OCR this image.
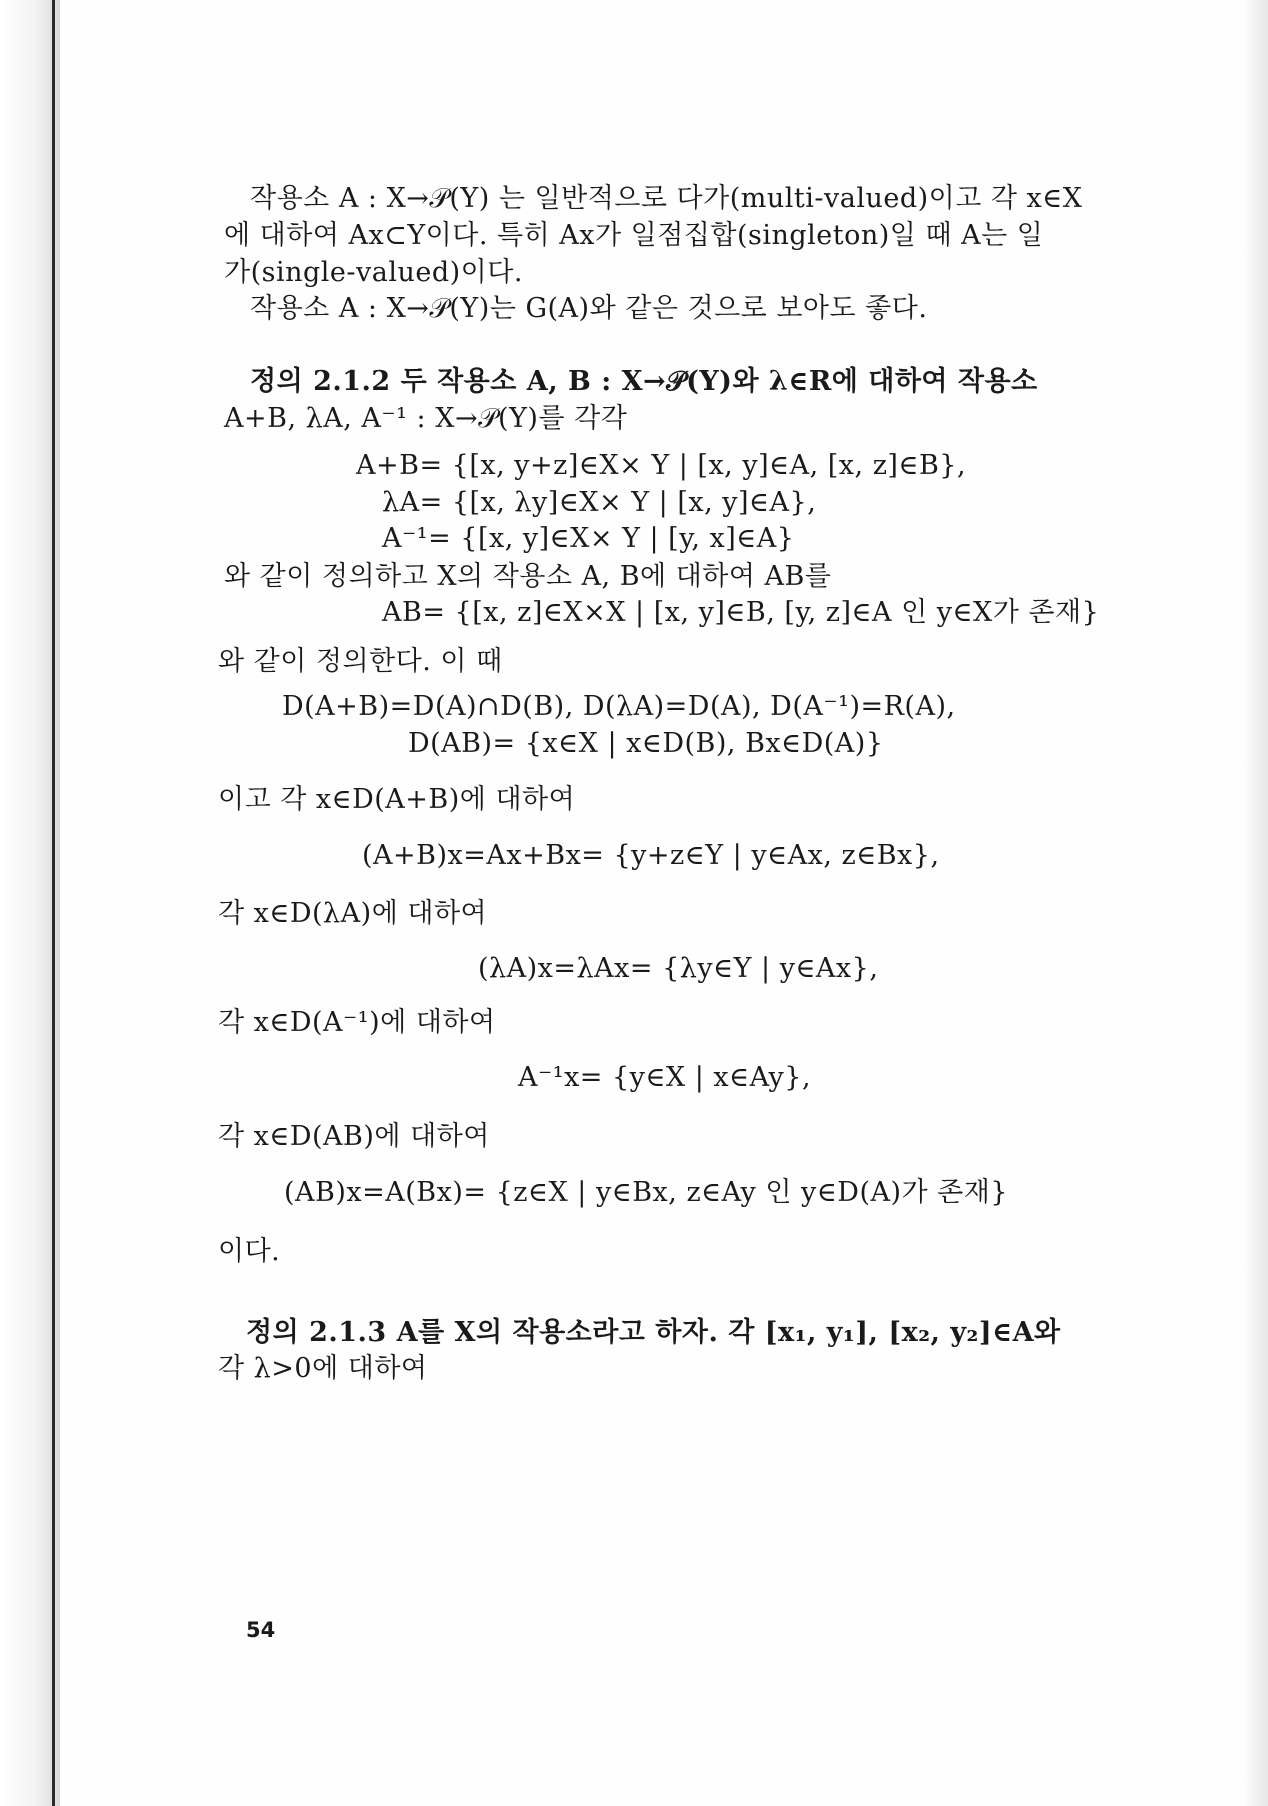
작용소 A : X→𝒫(Y) 는 일반적으로 다가(multi-valued)이고 각 x∈X
에 대하여 Ax⊂Y이다. 특히 Ax가 일점집합(singleton)일 때 A는 일
가(single-valued)이다.
작용소 A : X→𝒫(Y)는 G(A)와 같은 것으로 보아도 좋다.
정의 2.1.2 두 작용소 A, B : X→𝒫(Y)와 λ∈R에 대하여 작용소
A+B, λA, A⁻¹ : X→𝒫(Y)를 각각
A+B= {[x, y+z]∈X× Y | [x, y]∈A, [x, z]∈B},
λA= {[x, λy]∈X× Y | [x, y]∈A},
A⁻¹= {[x, y]∈X× Y | [y, x]∈A}
와 같이 정의하고 X의 작용소 A, B에 대하여 AB를
AB= {[x, z]∈X×X | [x, y]∈B, [y, z]∈A 인 y∈X가 존재}
와 같이 정의한다. 이 때
D(A+B)=D(A)∩D(B), D(λA)=D(A), D(A⁻¹)=R(A),
D(AB)= {x∈X | x∈D(B), Bx∈D(A)}
이고 각 x∈D(A+B)에 대하여
(A+B)x=Ax+Bx= {y+z∈Y | y∈Ax, z∈Bx},
각 x∈D(λA)에 대하여
(λA)x=λAx= {λy∈Y | y∈Ax},
각 x∈D(A⁻¹)에 대하여
A⁻¹x= {y∈X | x∈Ay},
각 x∈D(AB)에 대하여
(AB)x=A(Bx)= {z∈X | y∈Bx, z∈Ay 인 y∈D(A)가 존재}
이다.
정의 2.1.3 A를 X의 작용소라고 하자. 각 [x₁, y₁], [x₂, y₂]∈A와
각 λ>0에 대하여
54
